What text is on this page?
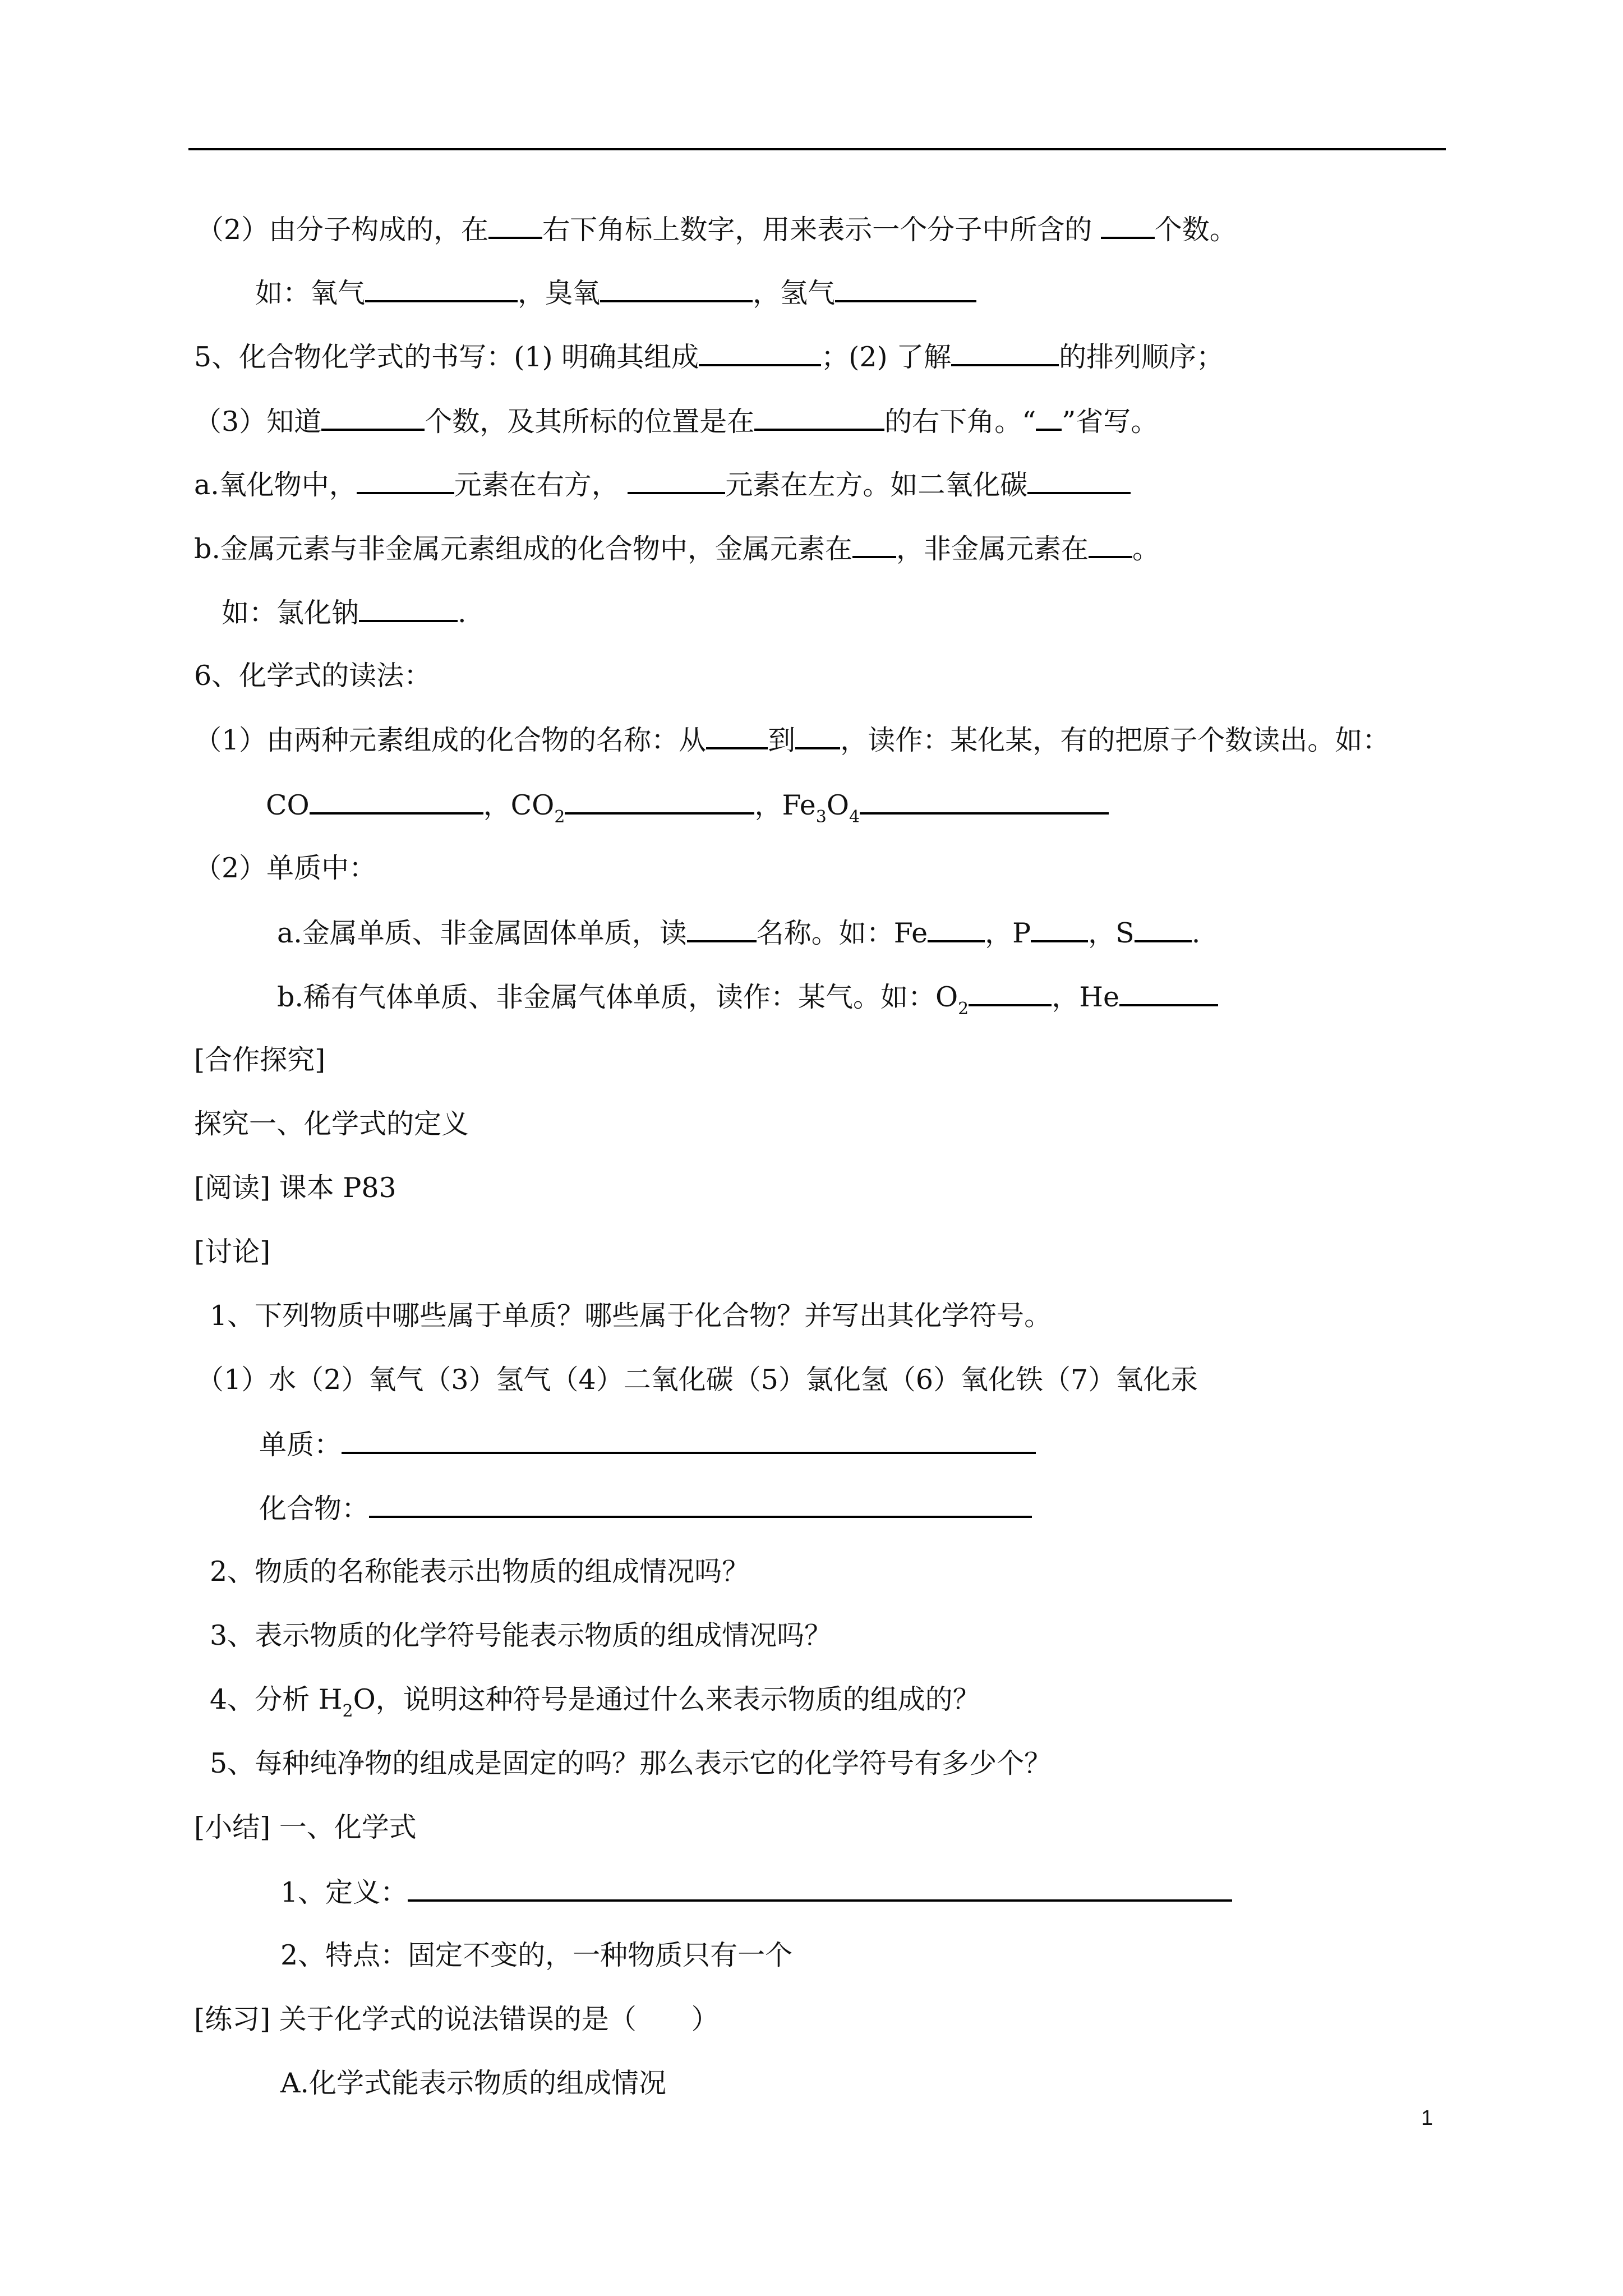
（2）由分子构成的，在 右下角标上数字，用来表示一个分子中所含的 个数。
如：氧气	，臭氧	，氢气
5、化合物化学式的书写：(1) 明确其组成	；(2) 了解	的排列顺序；
（3）知道	个数，及其所标的位置是在	的右下角。“ ”省写。
a.氧化物中，	元素在右方，	元素在左方。如二氧化碳
b.金属元素与非金属元素组成的化合物中，金属元素在 ，非金属元素在 。
如：氯化钠	.
6、化学式的读法：
（1）由两种元素组成的化合物的名称：从 到 ，读作：某化某，有的把原子个数读出。如：
CO	，$CO_2$	，$Fe_3O_4$
（2）单质中：
a.金属单质、非金属固体单质，读	名称。如：Fe ，P ，S .
b.稀有气体单质、非金属气体单质，读作：某气。如：$O_2$	，He
[合作探究]
探究一、化学式的定义
[阅读] 课本 P83
[讨论]
1、下列物质中哪些属于单质？哪些属于化合物？并写出其化学符号。
（1）水（2）氧气（3）氢气（4）二氧化碳（5）氯化氢（6）氧化铁（7）氧化汞
单质：
化合物：
2、物质的名称能表示出物质的组成情况吗？
3、表示物质的化学符号能表示物质的组成情况吗？
4、分析 $H_2O$，说明这种符号是通过什么来表示物质的组成的？
5、每种纯净物的组成是固定的吗？那么表示它的化学符号有多少个？
[小结] 一、化学式
1、定义：
2、特点：固定不变的，一种物质只有一个
[练习] 关于化学式的说法错误的是（　　）
A.化学式能表示物质的组成情况
1
